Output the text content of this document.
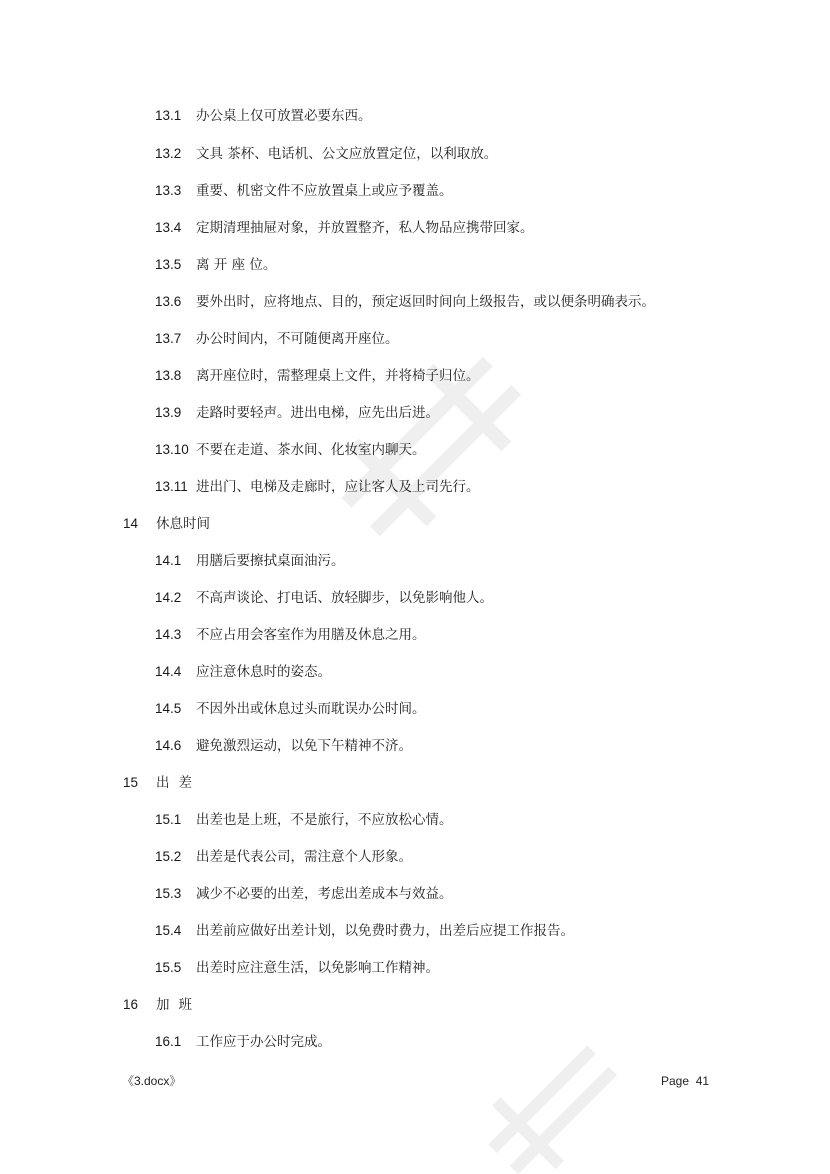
13.1 办公桌上仅可放置必要东西。
13.2 文具 茶杯、电话机、公文应放置定位，以利取放。
13.3 重要、机密文件不应放置桌上或应予覆盖。
13.4 定期清理抽屉对象，并放置整齐，私人物品应携带回家。
13.5 离 开 座 位。
13.6 要外出时，应将地点、目的，预定返回时间向上级报告，或以便条明确表示。
13.7 办公时间内，不可随便离开座位。
13.8 离开座位时，需整理桌上文件，并将椅子归位。
13.9 走路时要轻声。进出电梯，应先出后进。
13.10 不要在走道、茶水间、化妆室内聊天。
13.11 进出门、电梯及走廊时，应让客人及上司先行。
14 休息时间
14.1 用膳后要擦拭桌面油污。
14.2 不高声谈论、打电话、放轻脚步，以免影响他人。
14.3 不应占用会客室作为用膳及休息之用。
14.4 应注意休息时的姿态。
14.5 不因外出或休息过头而耽误办公时间。
14.6 避免激烈运动，以免下午精神不济。
15 出差
15.1 出差也是上班，不是旅行，不应放松心情。
15.2 出差是代表公司，需注意个人形象。
15.3 减少不必要的出差，考虑出差成本与效益。
15.4 出差前应做好出差计划，以免费时费力，出差后应提工作报告。
15.5 出差时应注意生活，以免影响工作精神。
16 加班
16.1 工作应于办公时完成。
《3.docx》	Page 41
